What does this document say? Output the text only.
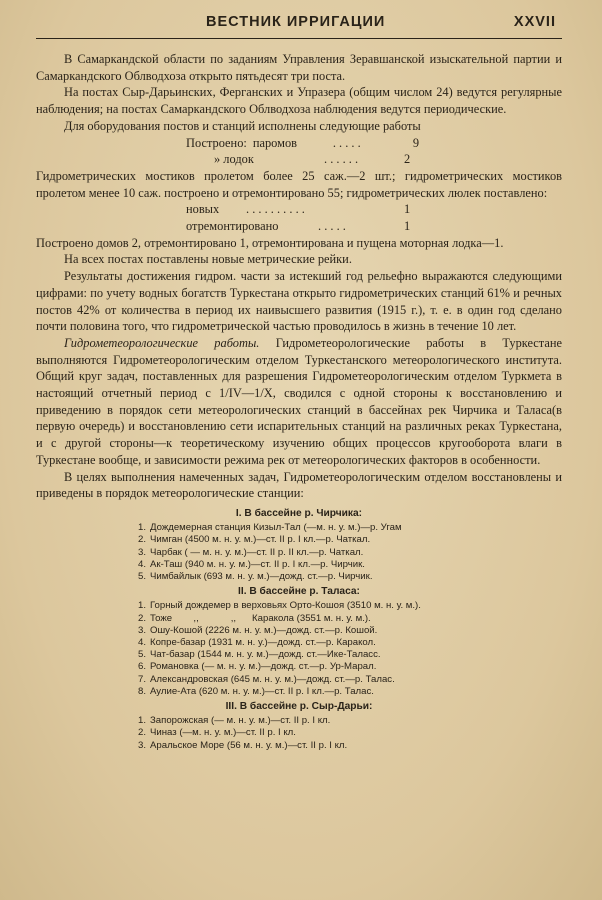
ВЕСТНИК ИРРИГАЦИИ	XXVII

В Самаркандской области по заданиям Управления Зеравшанской изыскательной партии и Самаркандского Облводхоза открыто пятьдесят три поста.

На постах Сыр-Дарьинских, Ферганских и Упразера (общим числом 24) ведутся регулярные наблюдения; на постах Самаркандского Облводхоза наблюдения ведутся периодические.

Для оборудования постов и станций исполнены следующие работы

Построено: паромов	. . . . .	9
» лодок	. . . . . .	2

Гидрометрических мостиков пролетом более 25 саж.—2 шт.; гидрометрических мостиков пролетом менее 10 саж. построено и отремонтировано 55; гидрометрических люлек поставлено:

новых	. . . . . . . . . .	1
отремонтировано	. . . . .	1

Построено домов 2, отремонтировано 1, отремонтирована и пущена моторная лодка—1.

На всех постах поставлены новые метрические рейки.

Результаты достижения гидром. части за истекший год рельефно выражаются следующими цифрами: по учету водных богатств Туркестана открыто гидрометрических станций 61% и речных постов 42% от количества в период их наивысшего развития (1915 г.), т. е. в один год сделано почти половина того, что гидрометрической частью проводилось в жизнь в течение 10 лет.

Гидрометеорологические работы. Гидрометеорологические работы в Туркестане выполняются Гидрометеорологическим отделом Туркестанского метеорологического института. Общий круг задач, поставленных для разрешения Гидрометеорологическим отделом Туркмета в настоящий отчетный период с 1/IV—1/X, сводился с одной стороны к восстановлению и приведению в порядок сети метеорологических станций в бассейнах рек Чирчика и Таласа(в первую очередь) и восстановлению сети испарительных станций на различных реках Туркестана, и с другой стороны—к теоретическому изучению общих процессов кругооборота влаги в Туркестане вообще, и зависимости режима рек от метеорологических факторов в особенности.

В целях выполнения намеченных задач, Гидрометеорологическим отделом восстановлены и приведены в порядок метеорологические станции:

I. В бассейне р. Чирчика:
1. Дождемерная станция Кизыл-Тал (—м. н. у. м.)—р. Угам
2. Чимган (4500 м. н. у. м.)—ст. II р. I кл.—р. Чаткал.
3. Чарбак ( — м. н. у. м.)—ст. II р. II кл.—р. Чаткал.
4. Ак-Таш (940 м. н. у. м.)—ст. II р. I кл.—р. Чирчик.
5. Чимбайлык (693 м. н. у. м.)—дожд. ст.—р. Чирчик.
II. В бассейне р. Таласа:
1. Горный дождемер в верховьях Орто-Кошоя (3510 м. н. у. м.).
2. Тоже        ,,            ,,      Каракола (3551 м. н. у. м.).
3. Ошу-Кошой (2226 м. н. у. м.)—дожд. ст.—р. Кошой.
4. Копре-базар (1931 м. н. у.)—дожд. ст.—р. Каракол.
5. Чат-базар (1544 м. н. у. м.)—дожд. ст.—Ике-Таласс.
6. Романовка (— м. н. у. м.)—дожд. ст.—р. Ур-Марал.
7. Александровская (645 м. н. у. м.)—дожд. ст.—р. Талас.
8. Аулие-Ата (620 м. н. у. м.)—ст. II р. I кл.—р. Талас.
III. В бассейне р. Сыр-Дарьи:
1. Запорожская (— м. н. у. м.)—ст. II р. I кл.
2. Чиназ (—м. н. у. м.)—ст. II р. I кл.
3. Аральское Море (56 м. н. у. м.)—ст. II р. I кл.
